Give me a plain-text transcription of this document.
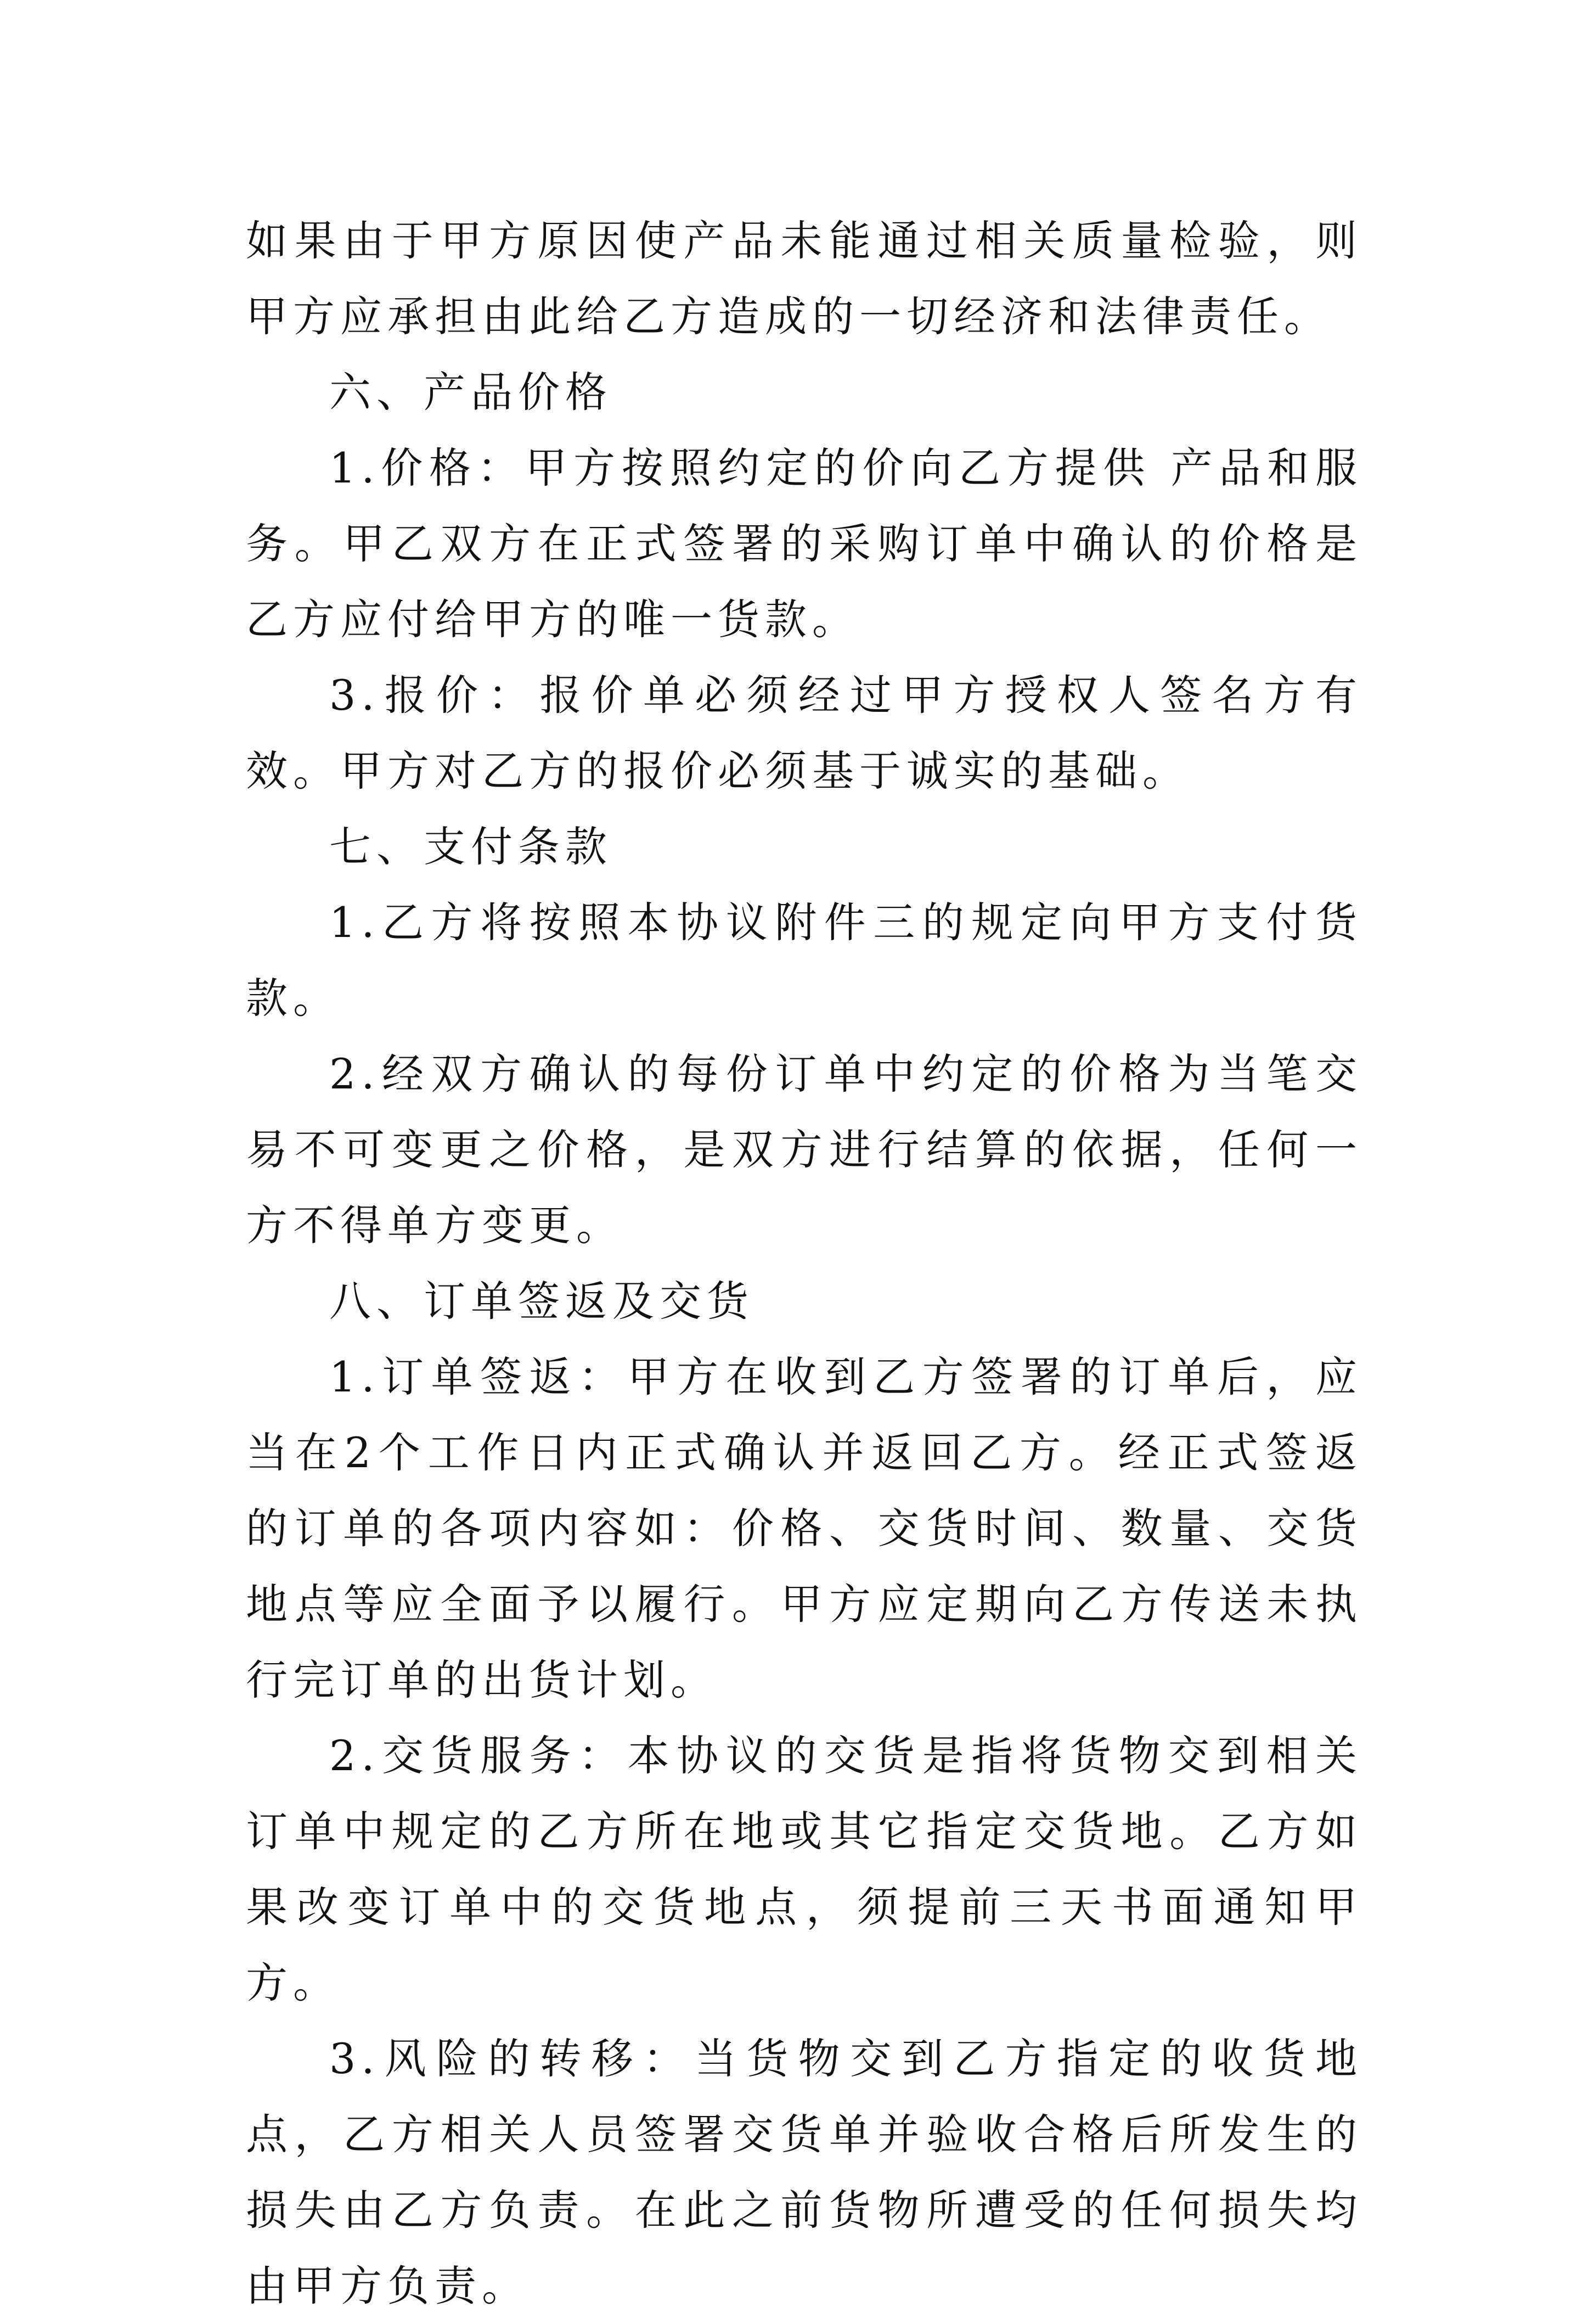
如果由于甲方原因使产品未能通过相关质量检验，则甲方应承担由此给乙方造成的一切经济和法律责任。

六、产品价格

1.价格：甲方按照约定的价向乙方提供 产品和服务。甲乙双方在正式签署的采购订单中确认的价格是乙方应付给甲方的唯一货款。

3.报价：报价单必须经过甲方授权人签名方有效。甲方对乙方的报价必须基于诚实的基础。

七、支付条款

1.乙方将按照本协议附件三的规定向甲方支付货款。

2.经双方确认的每份订单中约定的价格为当笔交易不可变更之价格，是双方进行结算的依据，任何一方不得单方变更。

八、订单签返及交货

1.订单签返：甲方在收到乙方签署的订单后，应当在2个工作日内正式确认并返回乙方。经正式签返的订单的各项内容如：价格、交货时间、数量、交货地点等应全面予以履行。甲方应定期向乙方传送未执行完订单的出货计划。

2.交货服务：本协议的交货是指将货物交到相关订单中规定的乙方所在地或其它指定交货地。乙方如果改变订单中的交货地点，须提前三天书面通知甲方。

3.风险的转移：当货物交到乙方指定的收货地点，乙方相关人员签署交货单并验收合格后所发生的损失由乙方负责。在此之前货物所遭受的任何损失均由甲方负责。
